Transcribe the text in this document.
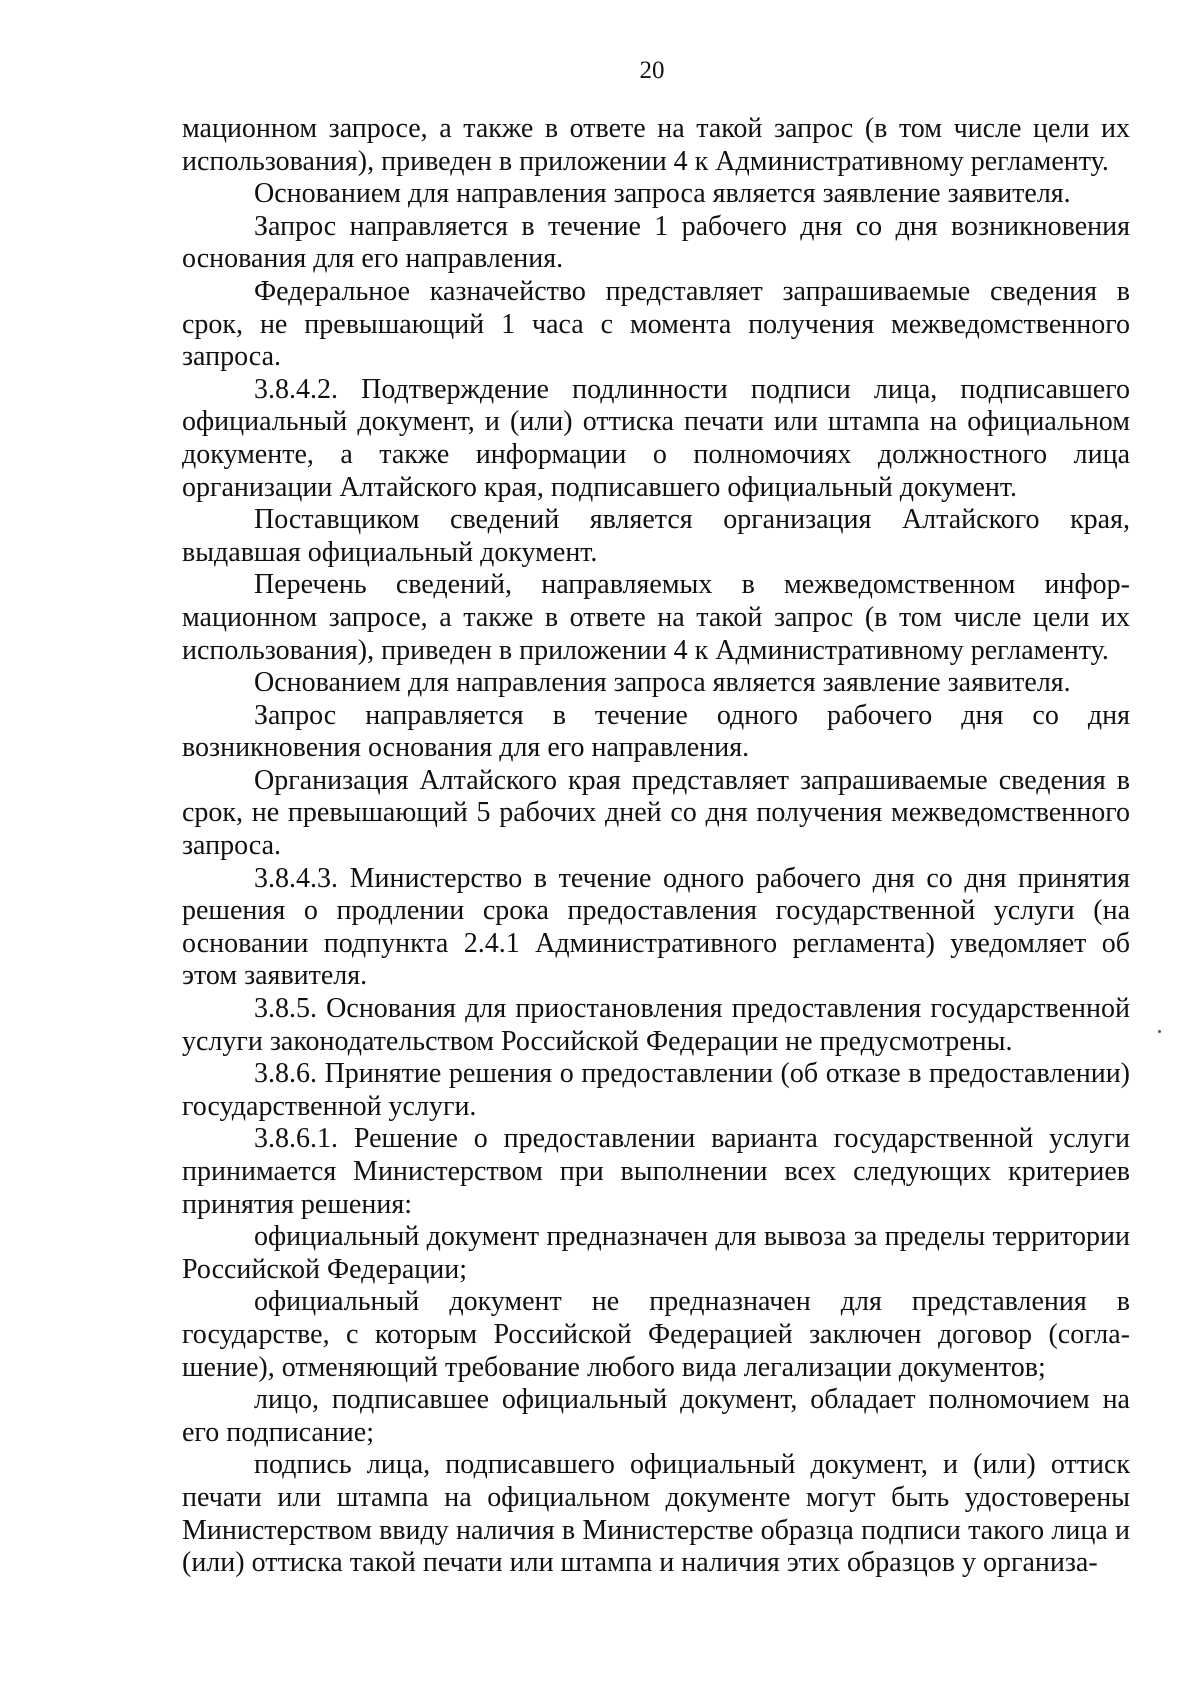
20

мационном запросе, а также в ответе на такой запрос (в том числе цели их использования), приведен в приложении 4 к Административному регламенту.

Основанием для направления запроса является заявление заявителя.

Запрос направляется в течение 1 рабочего дня со дня возникновения основания для его направления.

Федеральное казначейство представляет запрашиваемые сведения в срок, не превышающий 1 часа с момента получения межведомственного запроса.

3.8.4.2. Подтверждение подлинности подписи лица, подписавшего официальный документ, и (или) оттиска печати или штампа на официальном документе, а также информации о полномочиях должностного лица организации Алтайского края, подписавшего официальный документ.

Поставщиком сведений является организация Алтайского края, выдавшая официальный документ.

Перечень сведений, направляемых в межведомственном информационном запросе, а также в ответе на такой запрос (в том числе цели их использования), приведен в приложении 4 к Административному регламенту.

Основанием для направления запроса является заявление заявителя.

Запрос направляется в течение одного рабочего дня со дня возникновения основания для его направления.

Организация Алтайского края представляет запрашиваемые сведения в срок, не превышающий 5 рабочих дней со дня получения межведомственного запроса.

3.8.4.3. Министерство в течение одного рабочего дня со дня принятия решения о продлении срока предоставления государственной услуги (на основании подпункта 2.4.1 Административного регламента) уведомляет об этом заявителя.

3.8.5. Основания для приостановления предоставления государственной услуги законодательством Российской Федерации не предусмотрены.

3.8.6. Принятие решения о предоставлении (об отказе в предоставлении) государственной услуги.

3.8.6.1. Решение о предоставлении варианта государственной услуги принимается Министерством при выполнении всех следующих критериев принятия решения:

официальный документ предназначен для вывоза за пределы территории Российской Федерации;

официальный документ не предназначен для представления в государстве, с которым Российской Федерацией заключен договор (соглашение), отменяющий требование любого вида легализации документов;

лицо, подписавшее официальный документ, обладает полномочием на его подписание;

подпись лица, подписавшего официальный документ, и (или) оттиск печати или штампа на официальном документе могут быть удостоверены Министерством ввиду наличия в Министерстве образца подписи такого лица и (или) оттиска такой печати или штампа и наличия этих образцов у организа-
